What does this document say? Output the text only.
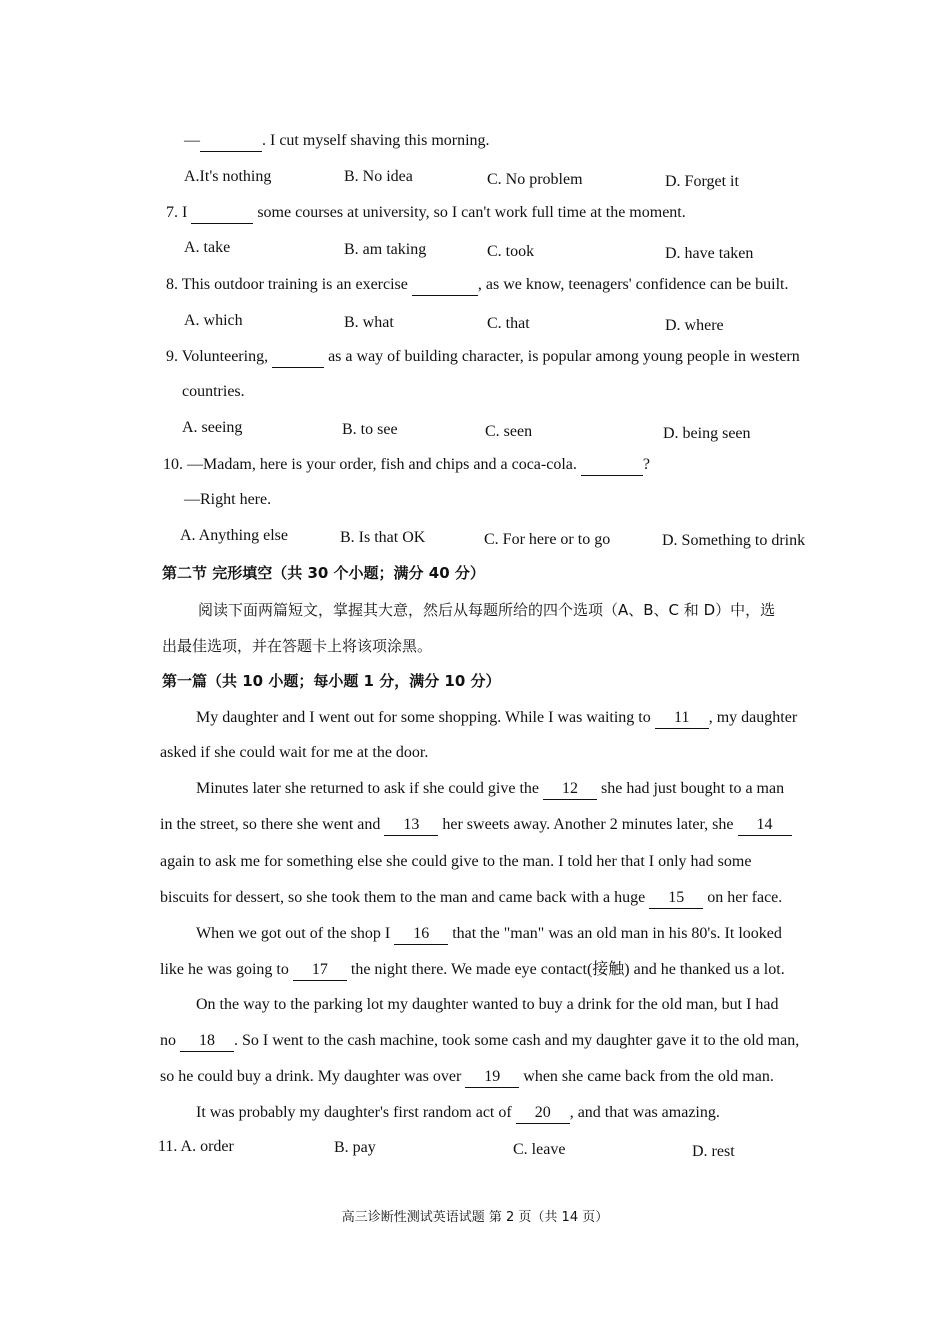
—	. I cut myself shaving this morning.
A.It's nothing	B. No idea	C. No problem	D. Forget it
7. I	some courses at university, so I can't work full time at the moment.
A. take	B. am taking	C. took	D. have taken
8. This outdoor training is an exercise	, as we know, teenagers' confidence can be built.
A. which	B. what	C. that	D. where
9. Volunteering,	as a way of building character, is popular among young people in western
countries.
A. seeing	B. to see	C. seen	D. being seen
10. —Madam, here is your order, fish and chips and a coca-cola.	?
—Right here.
A. Anything else	B. Is that OK	C. For here or to go	D. Something to drink
第二节 完形填空（共 30 个小题；满分 40 分）
阅读下面两篇短文，掌握其大意，然后从每题所给的四个选项（A、B、C 和 D）中，选
出最佳选项，并在答题卡上将该项涂黑。
第一篇（共 10 小题；每小题 1 分，满分 10 分）
My daughter and I went out for some shopping. While I was waiting to 11 , my daughter
asked if she could wait for me at the door.
Minutes later she returned to ask if she could give the 12 she had just bought to a man
in the street, so there she went and 13 her sweets away. Another 2 minutes later, she 14
again to ask me for something else she could give to the man. I told her that I only had some
biscuits for dessert, so she took them to the man and came back with a huge 15 on her face.
When we got out of the shop I 16 that the "man" was an old man in his 80's. It looked
like he was going to 17 the night there. We made eye contact(接触) and he thanked us a lot.
On the way to the parking lot my daughter wanted to buy a drink for the old man, but I had
no 18 . So I went to the cash machine, took some cash and my daughter gave it to the old man,
so he could buy a drink. My daughter was over 19 when she came back from the old man.
It was probably my daughter's first random act of 20 , and that was amazing.
11. A. order	B. pay	C. leave	D. rest
高三诊断性测试英语试题 第 2 页（共 14 页）
